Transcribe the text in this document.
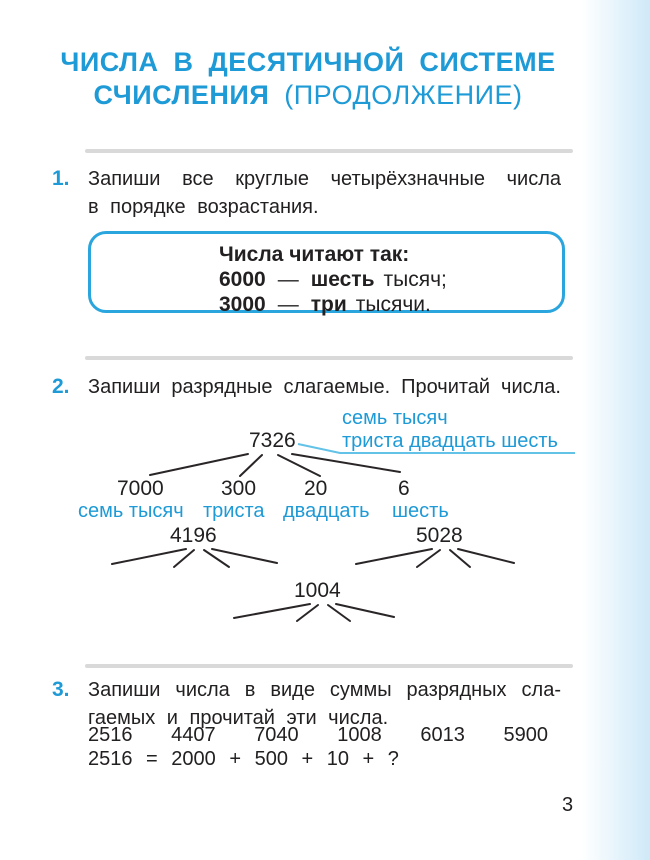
ЧИСЛА В ДЕСЯТИЧНОЙ СИСТЕМЕ
СЧИСЛЕНИЯ (ПРОДОЛЖЕНИЕ)
1. Запиши все круглые четырёхзначные числа
в порядке возрастания.
Числа читают так:
6000 — шесть тысяч;
3000 — три тысячи.
2. Запиши разрядные слагаемые. Прочитай числа.
семь тысяч
7326 триста двадцать шесть
7000	300 20	6
семь тысяч триста двадцать шесть
4196	5028
1004
3. Запиши числа в виде суммы разрядных сла-
гаемых и прочитай эти числа.
2516 4407 7040 1008 6013 5900
2516 = 2000 + 500 + 10 + ?
3
